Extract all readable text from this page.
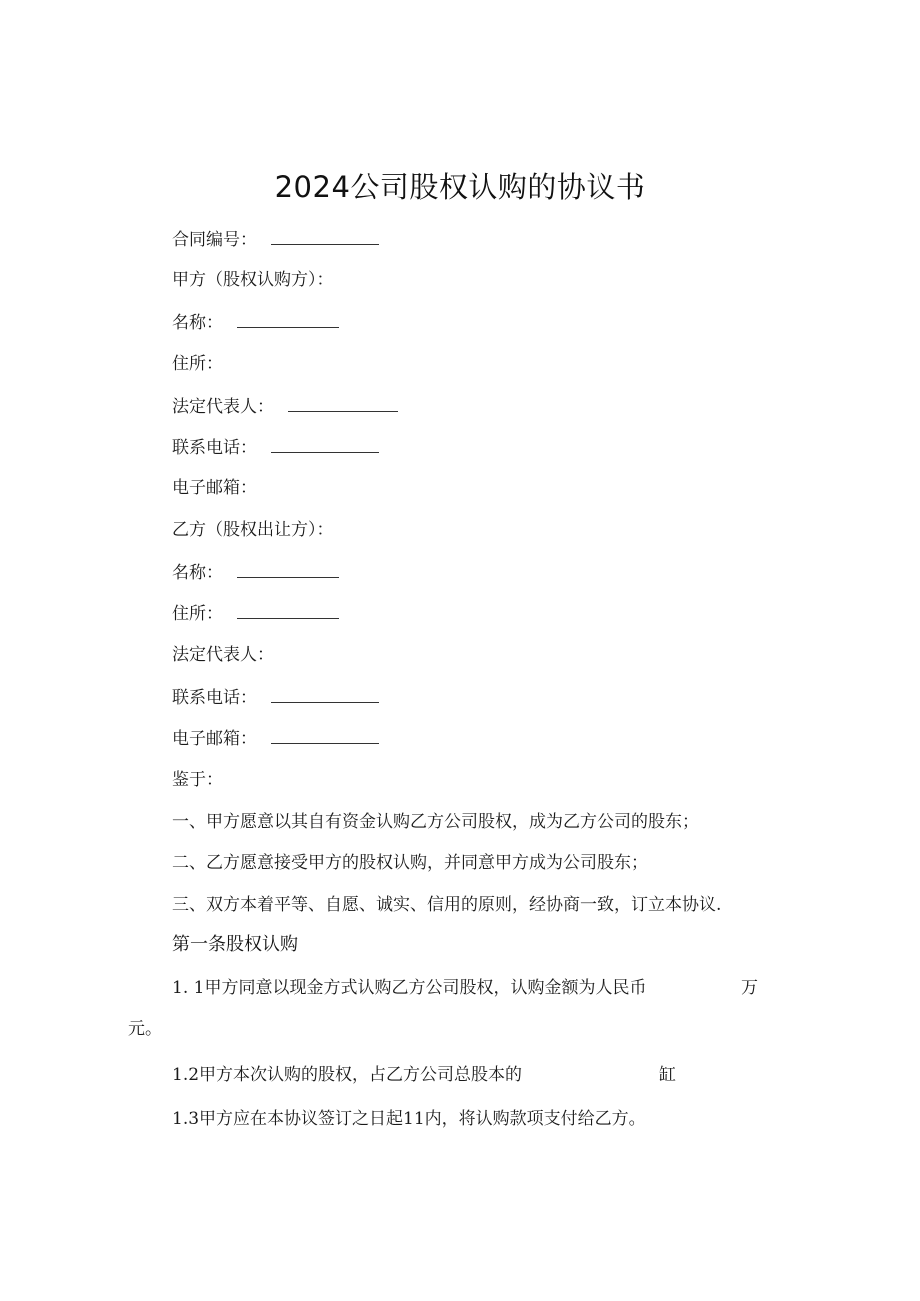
2024公司股权认购的协议书
合同编号：
甲方（股权认购方）：
名称：
住所：
法定代表人：
联系电话：
电子邮箱：
乙方（股权出让方）：
名称：
住所：
法定代表人：
联系电话：
电子邮箱：
鉴于：
一、甲方愿意以其自有资金认购乙方公司股权，成为乙方公司的股东；
二、乙方愿意接受甲方的股权认购，并同意甲方成为公司股东；
三、双方本着平等、自愿、诚实、信用的原则，经协商一致，订立本协议.
第一条股权认购
1. 1甲方同意以现金方式认购乙方公司股权，认购金额为人民币	万
元。
1.2甲方本次认购的股权，占乙方公司总股本的	缸
1.3甲方应在本协议签订之日起11内，将认购款项支付给乙方。
